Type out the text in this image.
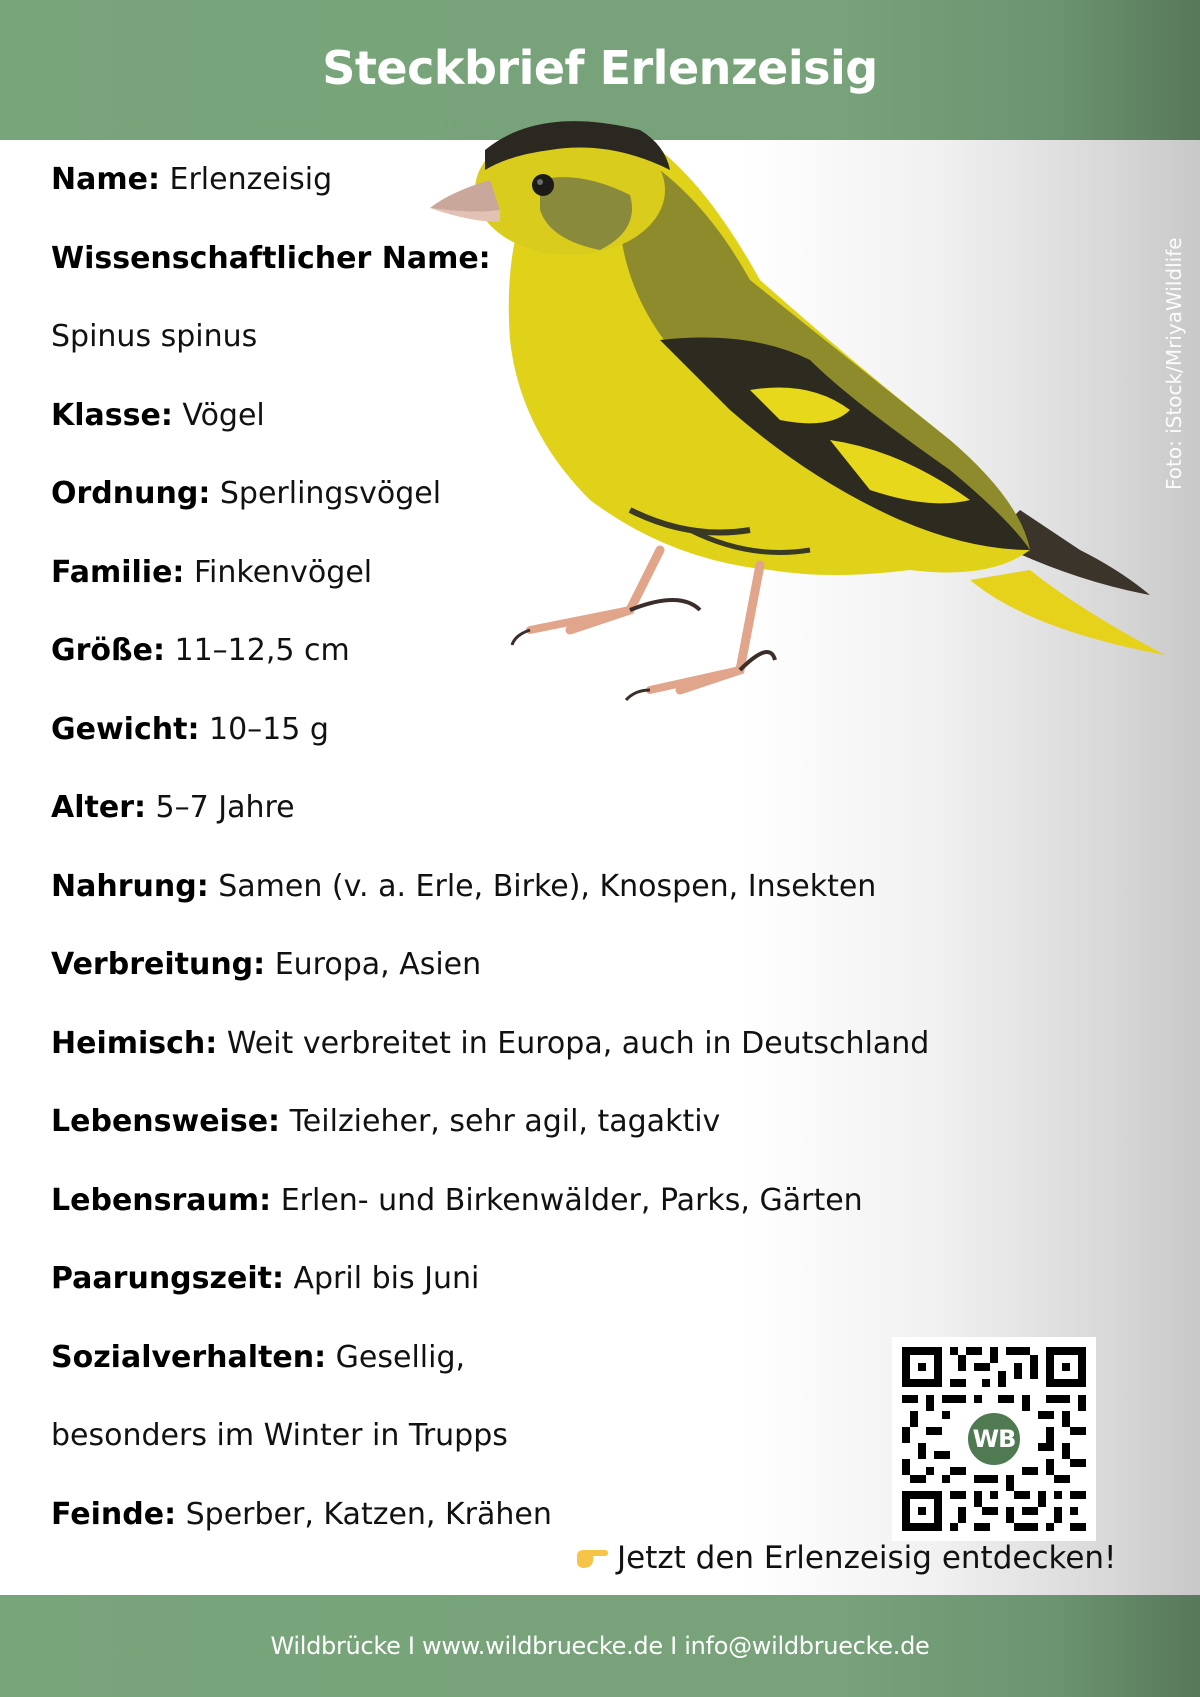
Steckbrief Erlenzeisig
Foto: iStock/MriyaWildlife
Name: Erlenzeisig
Wissenschaftlicher Name:
Spinus spinus
Klasse: Vögel
Ordnung: Sperlingsvögel
Familie: Finkenvögel
Größe: 11–12,5 cm
Gewicht: 10–15 g
Alter: 5–7 Jahre
Nahrung: Samen (v. a. Erle, Birke), Knospen, Insekten
Verbreitung: Europa, Asien
Heimisch: Weit verbreitet in Europa, auch in Deutschland
Lebensweise: Teilzieher, sehr agil, tagaktiv
Lebensraum: Erlen- und Birkenwälder, Parks, Gärten
Paarungszeit: April bis Juni
Sozialverhalten: Gesellig,
besonders im Winter in Trupps
Feinde: Sperber, Katzen, Krähen
WB
Jetzt den Erlenzeisig entdecken!
Wildbrücke I www.wildbruecke.de I info@wildbruecke.de
